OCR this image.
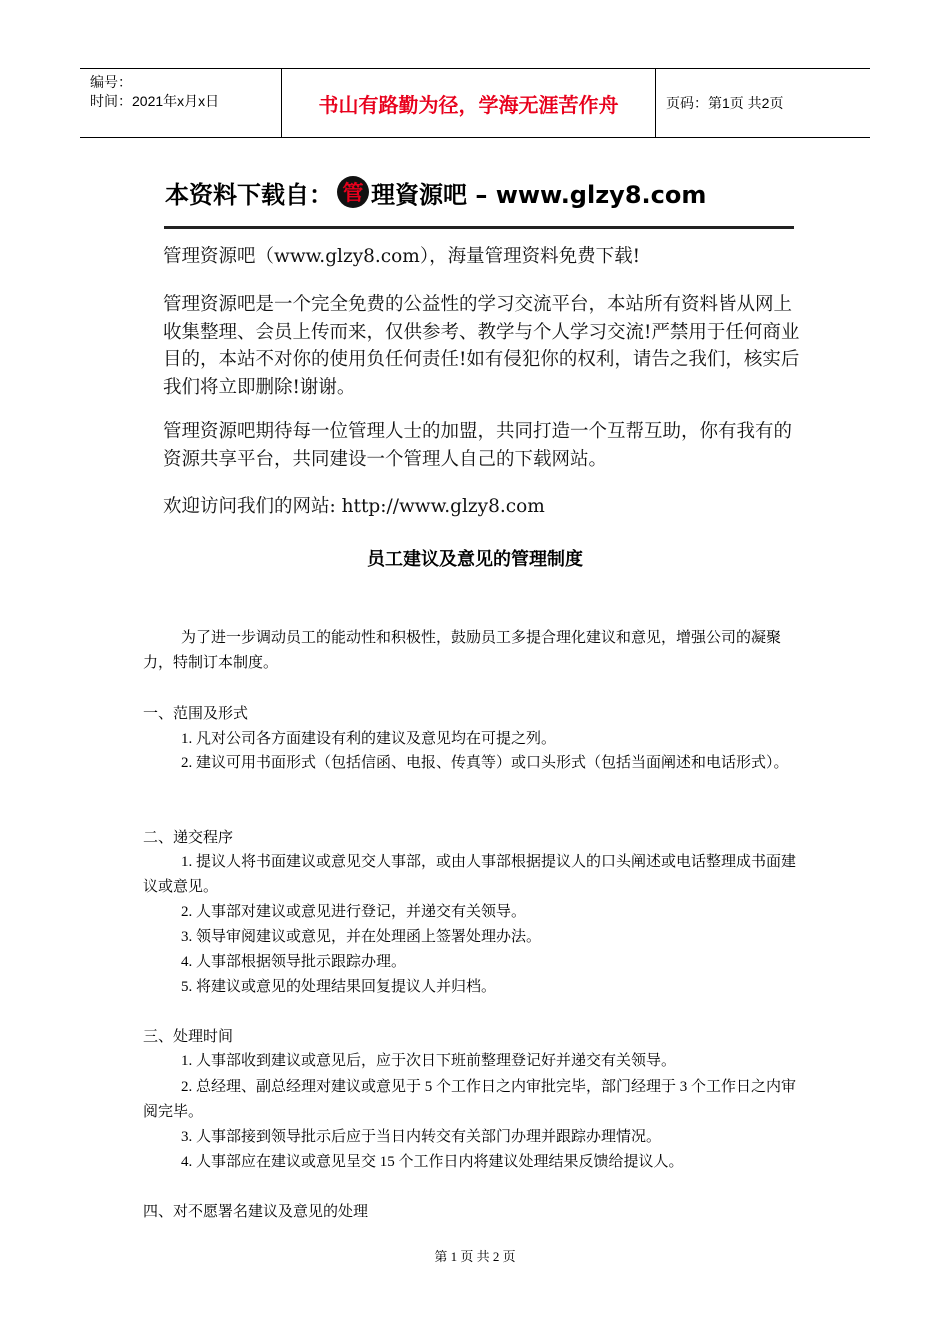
编号：
时间：2021年x月x日	书山有路勤为径，学海无涯苦作舟	页码：第1页 共2页
本资料下载自： 管 理資源吧 – www.glzy8.com
管理资源吧（www.glzy8.com），海量管理资料免费下载!
管理资源吧是一个完全免费的公益性的学习交流平台，本站所有资料皆从网上收集整理、会员上传而来，仅供参考、教学与个人学习交流!严禁用于任何商业目的，本站不对你的使用负任何责任!如有侵犯你的权利，请告之我们，核实后我们将立即删除!谢谢。
管理资源吧期待每一位管理人士的加盟，共同打造一个互帮互助，你有我有的资源共享平台，共同建设一个管理人自己的下载网站。
欢迎访问我们的网站: http://www.glzy8.com
员工建议及意见的管理制度
为了进一步调动员工的能动性和积极性，鼓励员工多提合理化建议和意见，增强公司的凝聚力，特制订本制度。
一、范围及形式
1. 凡对公司各方面建设有利的建议及意见均在可提之列。
2. 建议可用书面形式（包括信函、电报、传真等）或口头形式（包括当面阐述和电话形式）。
二、递交程序
1. 提议人将书面建议或意见交人事部，或由人事部根据提议人的口头阐述或电话整理成书面建议或意见。
2. 人事部对建议或意见进行登记，并递交有关领导。
3. 领导审阅建议或意见，并在处理函上签署处理办法。
4. 人事部根据领导批示跟踪办理。
5. 将建议或意见的处理结果回复提议人并归档。
三、处理时间
1. 人事部收到建议或意见后，应于次日下班前整理登记好并递交有关领导。
2. 总经理、副总经理对建议或意见于 5 个工作日之内审批完毕，部门经理于 3 个工作日之内审阅完毕。
3. 人事部接到领导批示后应于当日内转交有关部门办理并跟踪办理情况。
4. 人事部应在建议或意见呈交 15 个工作日内将建议处理结果反馈给提议人。
四、对不愿署名建议及意见的处理
第 1 页 共 2 页
